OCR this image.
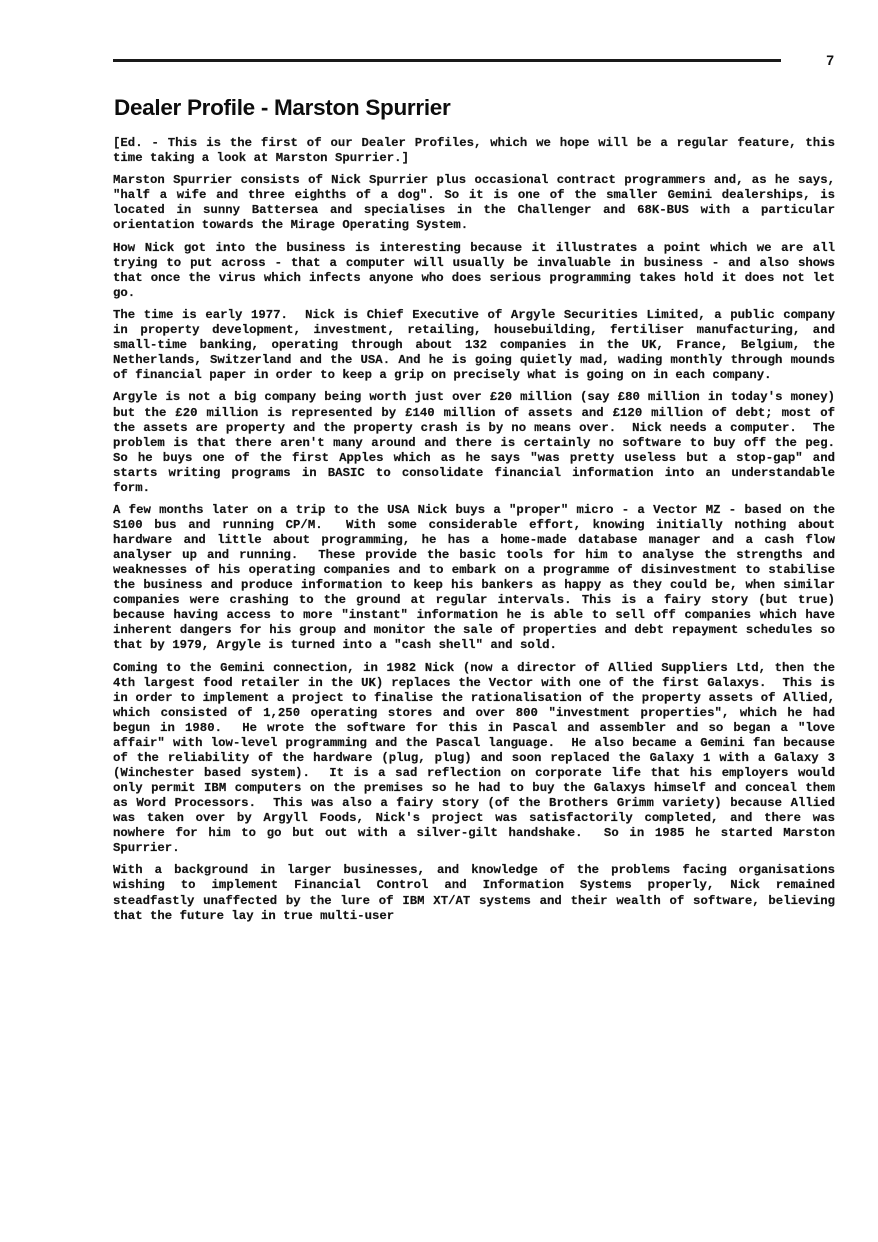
7
Dealer Profile - Marston Spurrier

[Ed. - This is the first of our Dealer Profiles, which we hope will be a regular feature, this time taking a look at Marston Spurrier.]

Marston Spurrier consists of Nick Spurrier plus occasional contract programmers and, as he says, "half a wife and three eighths of a dog". So it is one of the smaller Gemini dealerships, is located in sunny Battersea and specialises in the Challenger and 68K-BUS with a particular orientation towards the Mirage Operating System.

How Nick got into the business is interesting because it illustrates a point which we are all trying to put across - that a computer will usually be invaluable in business - and also shows that once the virus which infects anyone who does serious programming takes hold it does not let go.

The time is early 1977.  Nick is Chief Executive of Argyle Securities Limited, a public company in property development, investment, retailing, housebuilding, fertiliser manufacturing, and small-time banking, operating through about 132 companies in the UK, France, Belgium, the Netherlands, Switzerland and the USA. And he is going quietly mad, wading monthly through mounds of financial paper in order to keep a grip on precisely what is going on in each company.

Argyle is not a big company being worth just over £20 million (say £80 million in today's money) but the £20 million is represented by £140 million of assets and £120 million of debt; most of the assets are property and the property crash is by no means over.  Nick needs a computer.  The problem is that there aren't many around and there is certainly no software to buy off the peg.  So he buys one of the first Apples which as he says "was pretty useless but a stop-gap" and starts writing programs in BASIC to consolidate financial information into an understandable form.

A few months later on a trip to the USA Nick buys a "proper" micro - a Vector MZ - based on the S100 bus and running CP/M.  With some considerable effort, knowing initially nothing about hardware and little about programming, he has a home-made database manager and a cash flow analyser up and running.  These provide the basic tools for him to analyse the strengths and weaknesses of his operating companies and to embark on a programme of disinvestment to stabilise the business and produce information to keep his bankers as happy as they could be, when similar companies were crashing to the ground at regular intervals. This is a fairy story (but true) because having access to more "instant" information he is able to sell off companies which have inherent dangers for his group and monitor the sale of properties and debt repayment schedules so that by 1979, Argyle is turned into a "cash shell" and sold.

Coming to the Gemini connection, in 1982 Nick (now a director of Allied Suppliers Ltd, then the 4th largest food retailer in the UK) replaces the Vector with one of the first Galaxys.  This is in order to implement a project to finalise the rationalisation of the property assets of Allied, which consisted of 1,250 operating stores and over 800 "investment properties", which he had begun in 1980.  He wrote the software for this in Pascal and assembler and so began a "love affair" with low-level programming and the Pascal language.  He also became a Gemini fan because of the reliability of the hardware (plug, plug) and soon replaced the Galaxy 1 with a Galaxy 3 (Winchester based system).  It is a sad reflection on corporate life that his employers would only permit IBM computers on the premises so he had to buy the Galaxys himself and conceal them as Word Processors.  This was also a fairy story (of the Brothers Grimm variety) because Allied was taken over by Argyll Foods, Nick's project was satisfactorily completed, and there was nowhere for him to go but out with a silver-gilt handshake.  So in 1985 he started Marston Spurrier.

With a background in larger businesses, and knowledge of the problems facing organisations wishing to implement Financial Control and Information Systems properly, Nick remained steadfastly unaffected by the lure of IBM XT/AT systems and their wealth of software, believing that the future lay in true multi-user
